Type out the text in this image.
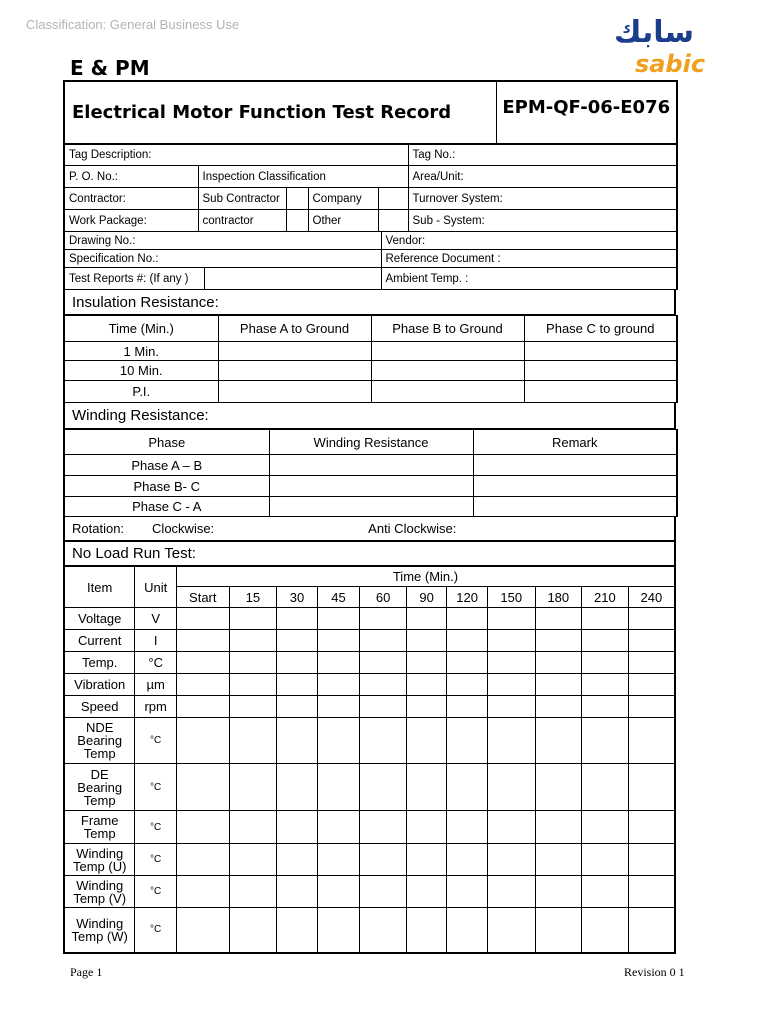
Classification: General Business Use	سابك
sabic
E & PM
Electrical Motor Function Test Record	EPM-QF-06-E076
Tag Description:					Tag No.:
P. O. No.:	Inspection Classification				Area/Unit:
Contractor:	Sub Contractor		Company		Turnover System:
Work Package:	contractor		Other		Sub - System:
Drawing No.:		Vendor:
Specification No.:		Reference Document :
Test Reports #: (If any )		Ambient Temp. :
Insulation Resistance:
Time (Min.)	Phase A to Ground	Phase B to Ground	Phase C to ground
1 Min.			
10 Min.			
P.I.			
Winding Resistance:
Phase	Winding Resistance	Remark
Phase A – B		
Phase B- C		
Phase C - A		
Rotation: Clockwise:	Anti Clockwise:
No Load Run Test:
Item	Unit	Time (Min.)										
		Start	15	30	45	60	90	120	150	180	210	240
Voltage	V											
Current	I											
Temp.	°C											
Vibration	µm											
Speed	rpm											
NDE Bearing Temp	°C											
DE Bearing Temp	°C											
Frame Temp	°C											
Winding Temp (U)	°C											
Winding Temp (V)	°C											
Winding Temp (W)	°C											
Page 1	Revision 0 1
